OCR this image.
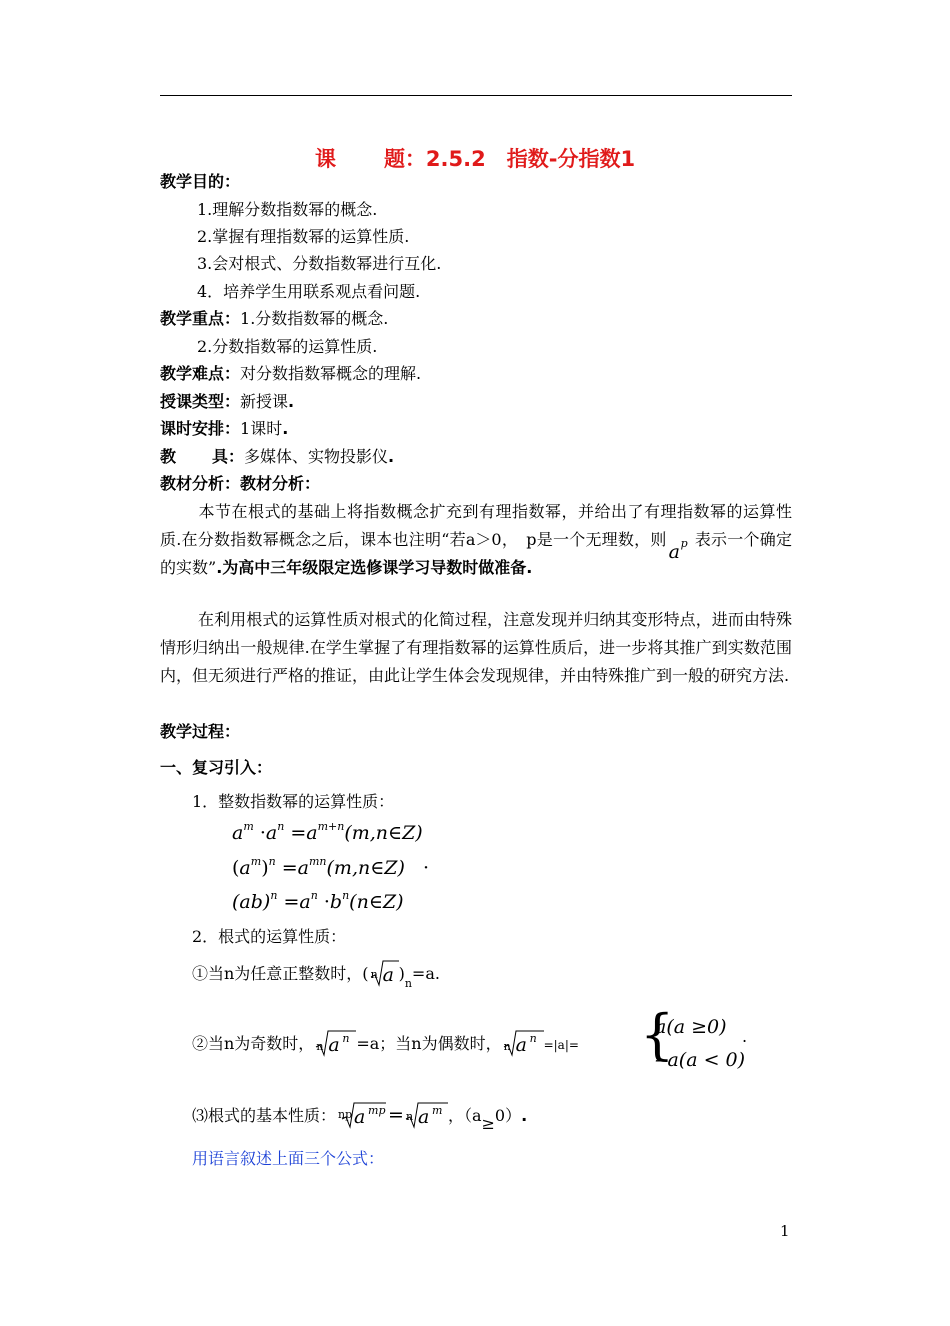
课 题：2.5.2　指数-分指数1
教学目的：
1.理解分数指数幂的概念.
2.掌握有理指数幂的运算性质.
3.会对根式、分数指数幂进行互化.
4．培养学生用联系观点看问题.
教学重点：1.分数指数幂的概念.
2.分数指数幂的运算性质.
教学难点：对分数指数幂概念的理解.
授课类型：新授课.
课时安排：1课时.
教 具：多媒体、实物投影仪.
教材分析：教材分析：
本节在根式的基础上将指数概念扩充到有理指数幂，并给出了有理指数幂的运算性质.在分数指数幂概念之后，课本也注明“若a＞0，　p是一个无理数，则
a p 表示一个确定的实数”.为高中三年级限定选修课学习导数时做准备.
在利用根式的运算性质对根式的化简过程，注意发现并归纳其变形特点，进而由特殊情形归纳出一般规律.在学生掌握了有理指数幂的运算性质后，进一步将其推广到实数范围内，但无须进行严格的推证，由此让学生体会发现规律，并由特殊推广到一般的研究方法.
教学过程：
一、复习引入：
1．整数指数幂的运算性质：
$a^m \cdot a^n$ $=a^{m+n}(m,n\in Z)$
$(a^m)^n$ $=a^{mn}(m,n\in Z)$ ·
$(ab)^n =a^n$ $\cdot b^n(n\in Z)$
2．根式的运算性质：
①当n为任意正整数时，( n a )$_n=a$.
②当n为奇数时， n a n =a；当n为偶数时， n a n =|a|= {
a(a ≥0)
- a(a < 0)
.
⑶根式的基本性质： np a mp = n a m ，（a≥0）.
用语言叙述上面三个公式：
1
